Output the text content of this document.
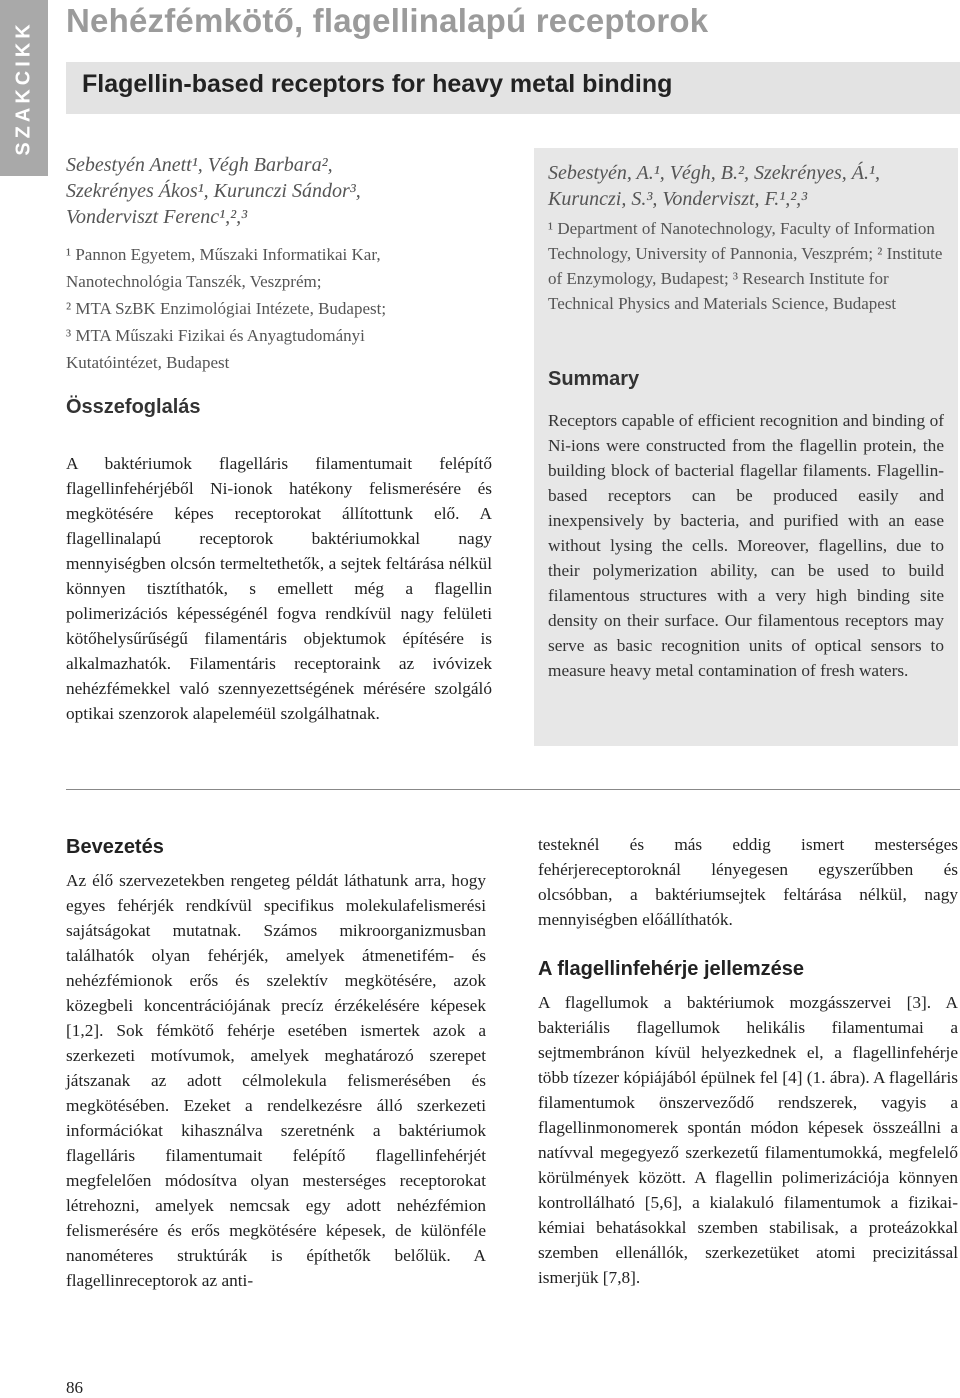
SZAKCIKK Nehézfémkötő, flagellinalapú receptorok
Flagellin-based receptors for heavy metal binding
Sebestyén Anett¹, Végh Barbara²,
Szekrényes Ákos¹, Kurunczi Sándor³,
Vonderviszt Ferenc¹,²,³
¹ Pannon Egyetem, Műszaki Informatikai Kar,
Nanotechnológia Tanszék, Veszprém;
² MTA SzBK Enzimológiai Intézete, Budapest;
³ MTA Műszaki Fizikai és Anyagtudományi
Kutatóintézet, Budapest
Összefoglalás

A baktériumok flagelláris filamentumait felépítő flagellinfehérjéből Ni-ionok hatékony felismerésére és megkötésére képes receptorokat állítottunk elő. A flagellinalapú receptorok baktériumokkal nagy mennyiségben olcsón termeltethetők, a sejtek feltárása nélkül könnyen tisztíthatók, s emellett még a flagellin polimerizációs képességénél fogva rendkívül nagy felületi kötőhelysűrűségű filamentáris objektumok építésére is alkalmazhatók. Filamentáris receptoraink az ivóvizek nehézfémekkel való szennyezettségének mérésére szolgáló optikai szenzorok alapeleméül szolgálhatnak.

Sebestyén, A.¹, Végh, B.², Szekrényes, Á.¹,
Kurunczi, S.³, Vonderviszt, F.¹,²,³
¹ Department of Nanotechnology, Faculty of Information Technology, University of Pannonia, Veszprém; ² Institute of Enzymology, Budapest; ³ Research Institute for Technical Physics and Materials Science, Budapest
Summary

Receptors capable of efficient recognition and binding of Ni-ions were constructed from the flagellin protein, the building block of bacterial flagellar filaments. Flagellin-based receptors can be produced easily and inexpensively by bacteria, and purified with an ease without lysing the cells. Moreover, flagellins, due to their polymerization ability, can be used to build filamentous structures with a very high binding site density on their surface. Our filamentous receptors may serve as basic recognition units of optical sensors to measure heavy metal contamination of fresh waters.

Bevezetés

Az élő szervezetekben rengeteg példát láthatunk arra, hogy egyes fehérjék rendkívül specifikus molekulafelismerési sajátságokat mutatnak. Számos mikroorganizmusban találhatók olyan fehérjék, amelyek átmenetifém- és nehézfémionok erős és szelektív megkötésére, azok közegbeli koncentrációjának precíz érzékelésére képesek [1,2]. Sok fémkötő fehérje esetében ismertek azok a szerkezeti motívumok, amelyek meghatározó szerepet játszanak az adott célmolekula felismerésében és megkötésében. Ezeket a rendelkezésre álló szerkezeti információkat kihasználva szeretnénk a baktériumok flagelláris filamentumait felépítő flagellinfehérjét megfelelően módosítva olyan mesterséges receptorokat létrehozni, amelyek nemcsak egy adott nehézfémion felismerésére és erős megkötésére képesek, de különféle nanométeres struktúrák is építhetők belőlük. A flagellinreceptorok az anti-

testeknél és más eddig ismert mesterséges fehérjereceptoroknál lényegesen egyszerűbben és olcsóbban, a baktériumsejtek feltárása nélkül, nagy mennyiségben előállíthatók.

A flagellinfehérje jellemzése

A flagellumok a baktériumok mozgásszervei [3]. A bakteriális flagellumok helikális filamentumai a sejtmembránon kívül helyezkednek el, a flagellinfehérje több tízezer kópiájából épülnek fel [4] (1. ábra). A flagelláris filamentumok önszerveződő rendszerek, vagyis a flagellinmonomerek spontán módon képesek összeállni a natívval megegyező szerkezetű filamentumokká, megfelelő körülmények között. A flagellin polimerizációja könnyen kontrollálható [5,6], a kialakuló filamentumok a fizikai-kémiai behatásokkal szemben stabilisak, a proteázokkal szemben ellenállók, szerkezetüket atomi precizitással ismerjük [7,8].

86
